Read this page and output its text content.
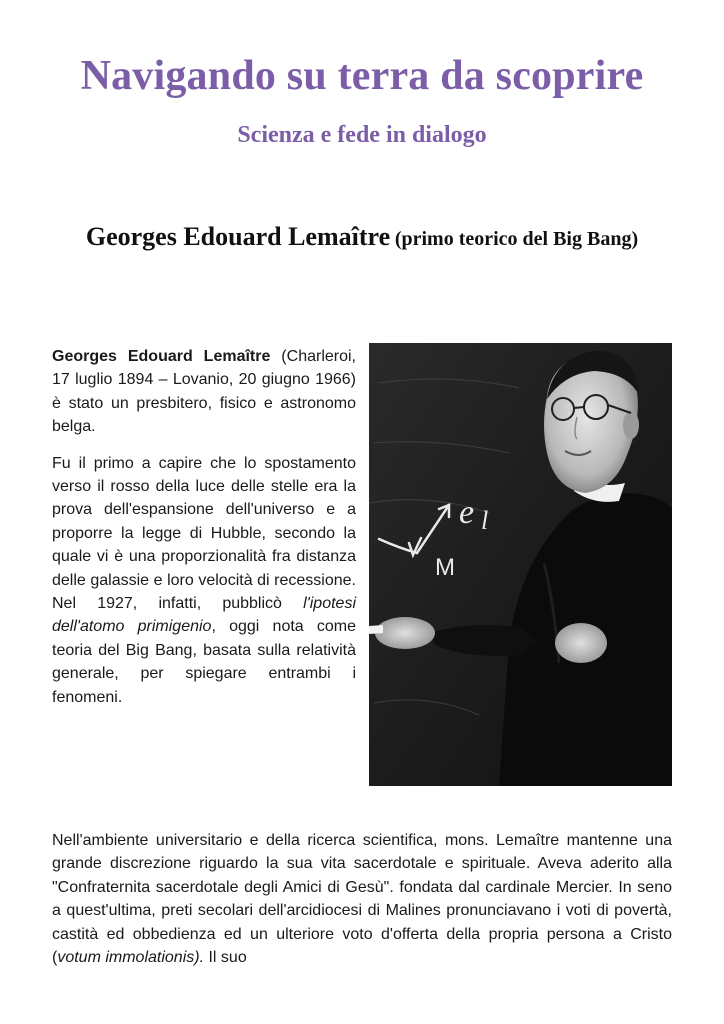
Navigando su terra da scoprire
Scienza e fede in dialogo
Georges Edouard Lemaître (primo teorico del Big Bang)

Georges Edouard Lemaître (Charleroi, 17 luglio 1894 – Lovanio, 20 giugno 1966) è stato un presbitero, fisico e astronomo belga.

Fu il primo a capire che lo spostamento verso il rosso della luce delle stelle era la prova dell'espansione dell'universo e a proporre la legge di Hubble, secondo la quale vi è una proporzionalità fra distanza delle galassie e loro velocità di recessione. Nel 1927, infatti, pubblicò l'ipotesi dell'atomo primigenio, oggi nota come teoria del Big Bang, basata sulla relatività generale, per spiegare entrambi i fenomeni.

e l
M

Nell'ambiente universitario e della ricerca scientifica, mons. Lemaître mantenne una grande discrezione riguardo la sua vita sacerdotale e spirituale. Aveva aderito alla "Confraternita sacerdotale degli Amici di Gesù". fondata dal cardinale Mercier. In seno a quest'ultima, preti secolari dell'arcidiocesi di Malines pronunciavano i voti di povertà, castità ed obbedienza ed un ulteriore voto d'offerta della propria persona a Cristo (votum immolationis). Il suo
